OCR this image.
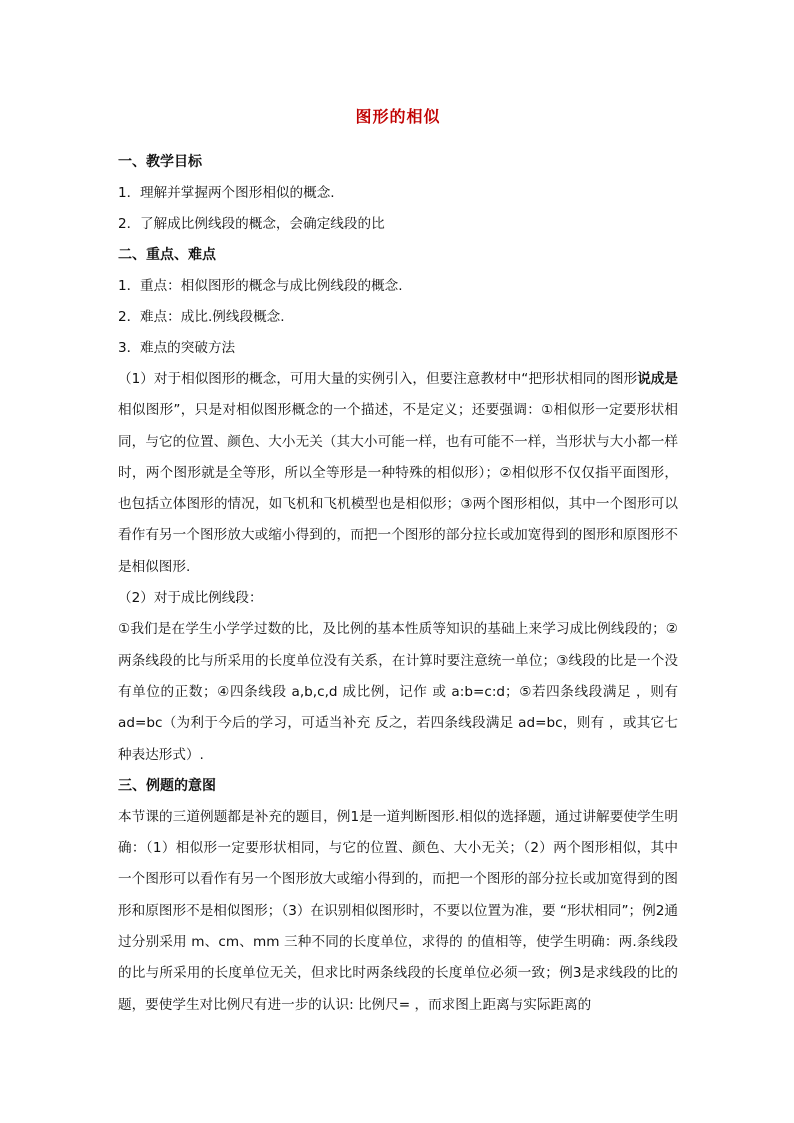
图形的相似
一、教学目标
1．理解并掌握两个图形相似的概念.
2．了解成比例线段的概念，会确定线段的比
二、重点、难点
1．重点：相似图形的概念与成比例线段的概念.
2．难点：成比.例线段概念.
3．难点的突破方法

（1）对于相似图形的概念，可用大量的实例引入，但要注意教材中“把形状相同的图形说成是相似图形”，只是对相似图形概念的一个描述，不是定义；还要强调：①相似形一定要形状相同，与它的位置、颜色、大小无关（其大小可能一样，也有可能不一样，当形状与大小都一样时，两个图形就是全等形，所以全等形是一种特殊的相似形）；②相似形不仅仅指平面图形，也包括立体图形的情况，如飞机和飞机模型也是相似形；③两个图形相似，其中一个图形可以看作有另一个图形放大或缩小得到的，而把一个图形的部分拉长或加宽得到的图形和原图形不是相似图形.

（2）对于成比例线段：

①我们是在学生小学学过数的比，及比例的基本性质等知识的基础上来学习成比例线段的；②两条线段的比与所采用的长度单位没有关系，在计算时要注意统一单位；③线段的比是一个没有单位的正数；④四条线段 a,b,c,d 成比例，记作 或 a:b=c:d；⑤若四条线段满足 ，则有 ad=bc（为利于今后的学习，可适当补充 反之，若四条线段满足 ad=bc，则有 ，或其它七种表达形式）.

三、例题的意图

本节课的三道例题都是补充的题目，例1是一道判断图形.相似的选择题，通过讲解要使学生明确：（1）相似形一定要形状相同，与它的位置、颜色、大小无关；（2）两个图形相似，其中一个图形可以看作有另一个图形放大或缩小得到的，而把一个图形的部分拉长或加宽得到的图形和原图形不是相似图形；（3）在识别相似图形时，不要以位置为准，要 “形状相同”；例2通过分别采用 m、cm、mm 三种不同的长度单位，求得的 的值相等，使学生明确：两.条线段的比与所采用的长度单位无关，但求比时两条线段的长度单位必须一致；例3是求线段的比的题，要使学生对比例尺有进一步的认识: 比例尺= ，而求图上距离与实际距离的
